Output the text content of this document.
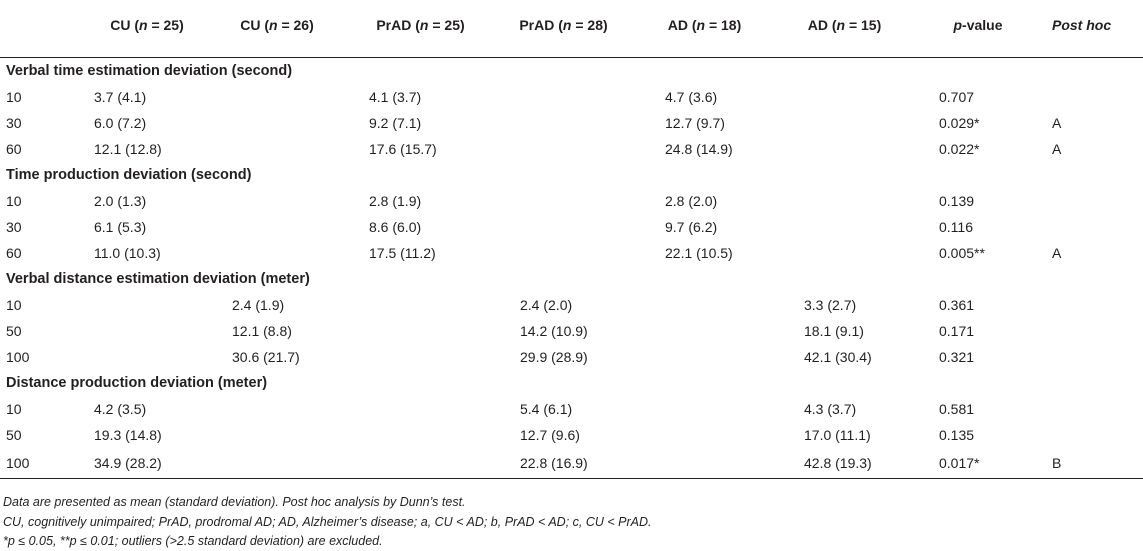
	CU (n = 25)	CU (n = 26)	PrAD (n = 25)	PrAD (n = 28)	AD (n = 18)	AD (n = 15)	p-value	Post hoc
Verbal time estimation deviation (second)								
10	3.7 (4.1)		4.1 (3.7)		4.7 (3.6)		0.707	
30	6.0 (7.2)		9.2 (7.1)		12.7 (9.7)		0.029*	A
60	12.1 (12.8)		17.6 (15.7)		24.8 (14.9)		0.022*	A
Time production deviation (second)								
10	2.0 (1.3)		2.8 (1.9)		2.8 (2.0)		0.139	
30	6.1 (5.3)		8.6 (6.0)		9.7 (6.2)		0.116	
60	11.0 (10.3)		17.5 (11.2)		22.1 (10.5)		0.005**	A
Verbal distance estimation deviation (meter)								
10		2.4 (1.9)		2.4 (2.0)		3.3 (2.7)	0.361	
50		12.1 (8.8)		14.2 (10.9)		18.1 (9.1)	0.171	
100		30.6 (21.7)		29.9 (28.9)		42.1 (30.4)	0.321	
Distance production deviation (meter)								
10	4.2 (3.5)			5.4 (6.1)		4.3 (3.7)	0.581	
50	19.3 (14.8)			12.7 (9.6)		17.0 (11.1)	0.135	
100	34.9 (28.2)			22.8 (16.9)		42.8 (19.3)	0.017*	B
Data are presented as mean (standard deviation). Post hoc analysis by Dunn’s test.
CU, cognitively unimpaired; PrAD, prodromal AD; AD, Alzheimer’s disease; a, CU < AD; b, PrAD < AD; c, CU < PrAD.
*p ≤ 0.05, **p ≤ 0.01; outliers (>2.5 standard deviation) are excluded.
